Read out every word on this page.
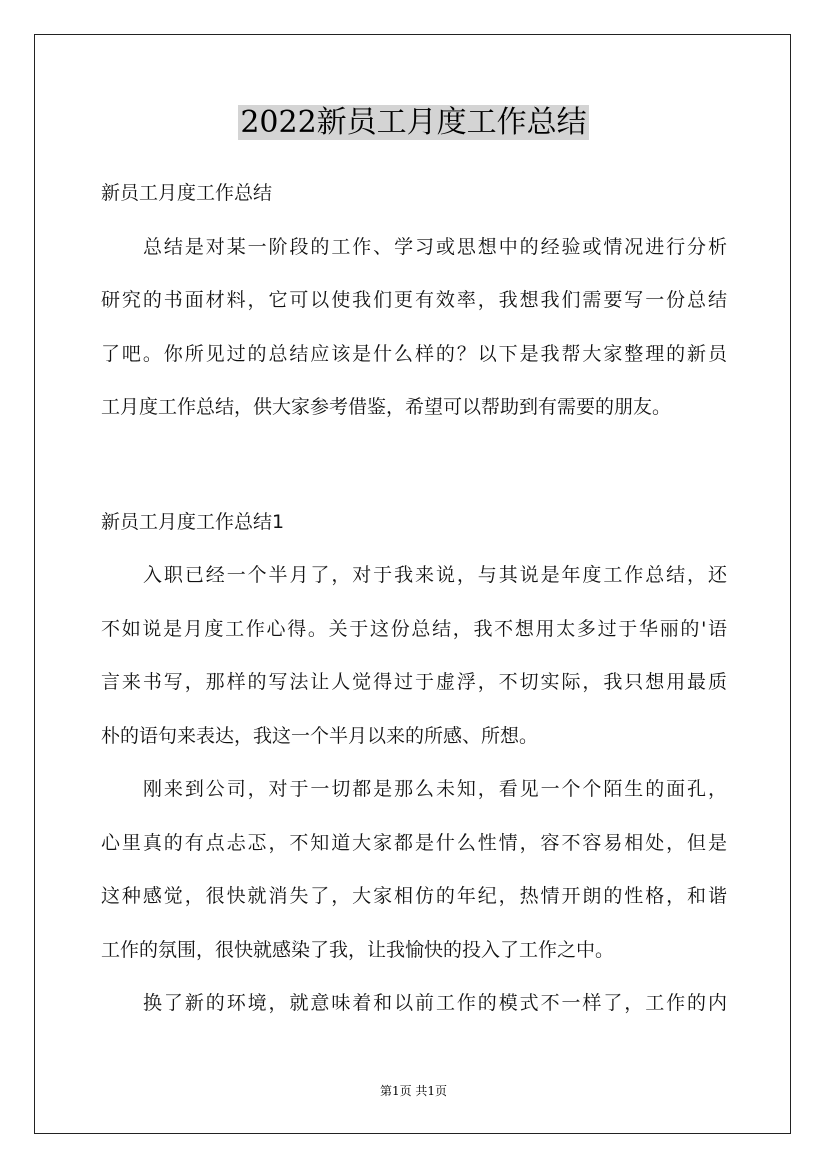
2022新员工月度工作总结

新员工月度工作总结

总结是对某一阶段的工作、学习或思想中的经验或情况进行分析

研究的书面材料，它可以使我们更有效率，我想我们需要写一份总结

了吧。你所见过的总结应该是什么样的？以下是我帮大家整理的新员

工月度工作总结，供大家参考借鉴，希望可以帮助到有需要的朋友。

新员工月度工作总结1

入职已经一个半月了，对于我来说，与其说是年度工作总结，还

不如说是月度工作心得。关于这份总结，我不想用太多过于华丽的'语

言来书写，那样的写法让人觉得过于虚浮，不切实际，我只想用最质

朴的语句来表达，我这一个半月以来的所感、所想。

刚来到公司，对于一切都是那么未知，看见一个个陌生的面孔，

心里真的有点忐忑，不知道大家都是什么性情，容不容易相处，但是

这种感觉，很快就消失了，大家相仿的年纪，热情开朗的性格，和谐

工作的氛围，很快就感染了我，让我愉快的投入了工作之中。

换了新的环境，就意味着和以前工作的模式不一样了，工作的内

第1页 共1页
